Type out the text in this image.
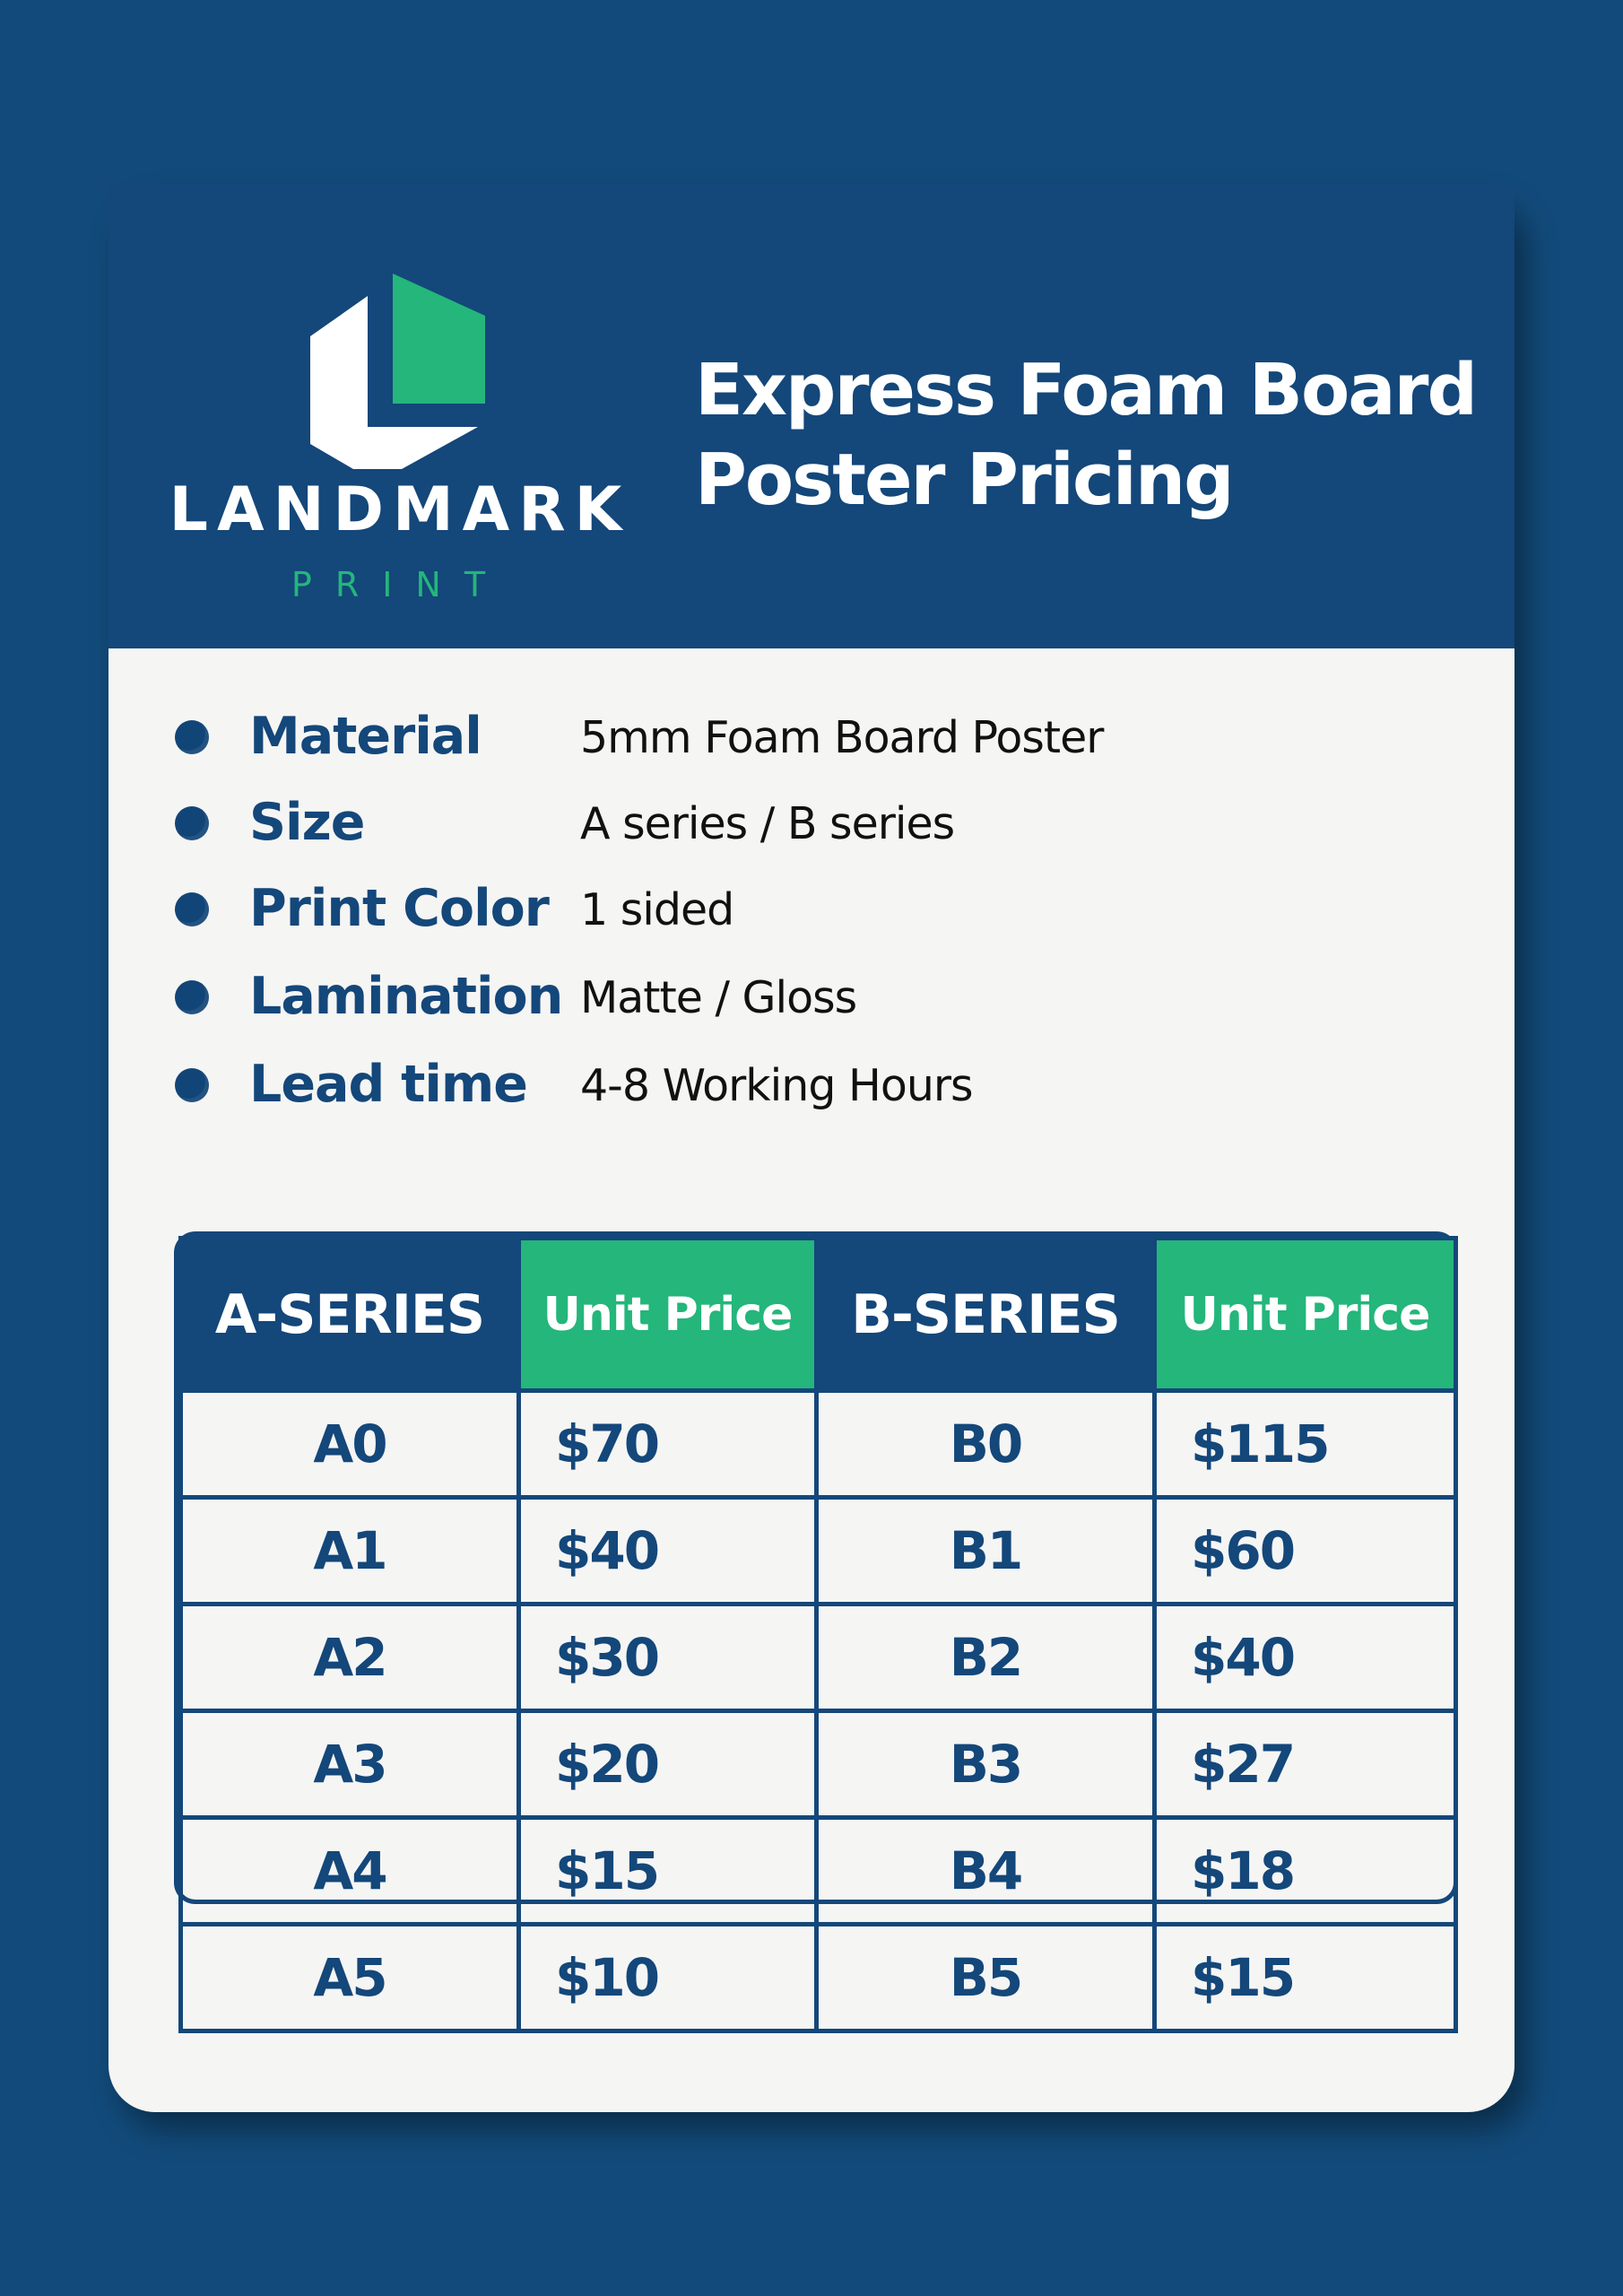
LANDMARK
PRINT
Express Foam Board
Poster Pricing
Material 5mm Foam Board Poster
Size	A series / B series
Print Color 1 sided
Lamination Matte / Gloss
Lead time 4-8 Working Hours
A-SERIES	Unit Price	B-SERIES	Unit Price
A0	$70	B0	$115
A1	$40	B1	$60
A2	$30	B2	$40
A3	$20	B3	$27
A4	$15	B4	$18
A5	$10	B5	$15
